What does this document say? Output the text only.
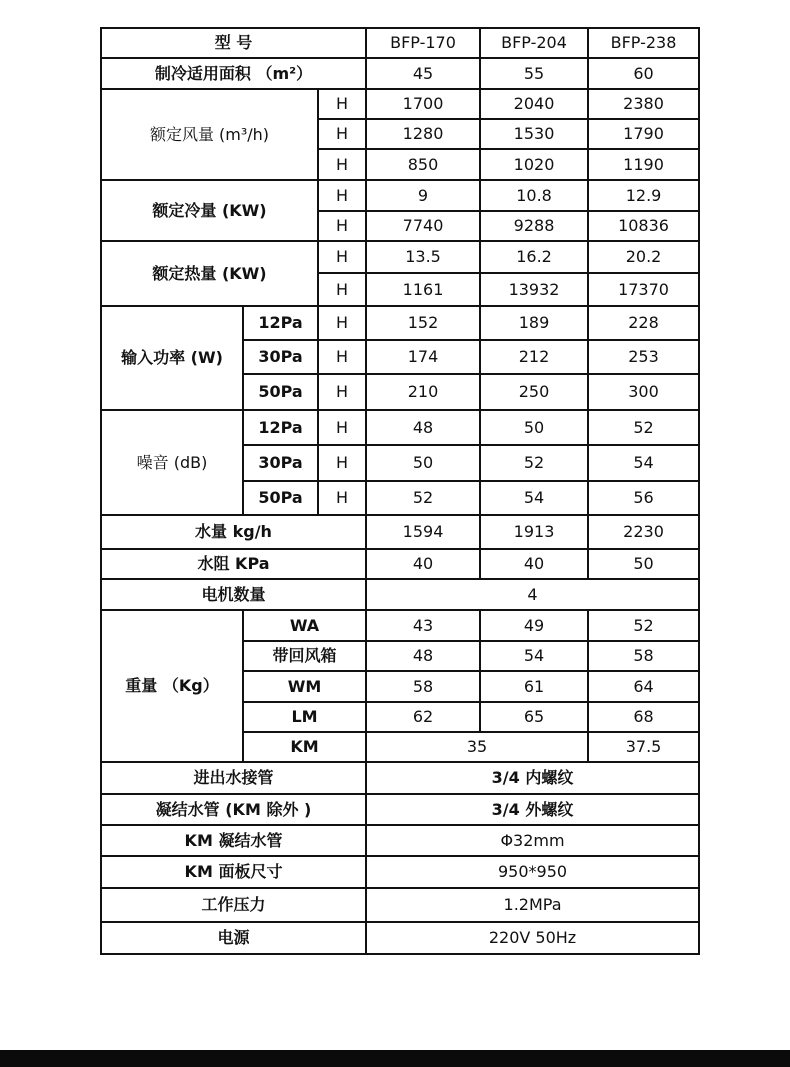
型 号			BFP-170	BFP-204	BFP-238
制冷适用面积 （m²）			45	55	60
额定风量 (m³/h)		H	1700	2040	2380
		H	1280	1530	1790
		H	850	1020	1190
额定冷量 (KW)		H	9	10.8	12.9
		H	7740	9288	10836
额定热量 (KW)		H	13.5	16.2	20.2
		H	1161	13932	17370
输入功率 (W)	12Pa	H	152	189	228
	30Pa	H	174	212	253
	50Pa	H	210	250	300
噪音 (dB)	12Pa	H	48	50	52
	30Pa	H	50	52	54
	50Pa	H	52	54	56
水量 kg/h			1594	1913	2230
水阻 KPa			40	40	50
电机数量			4		
重量 （Kg）	WA		43	49	52
	带回风箱		48	54	58
	WM		58	61	64
	LM		62	65	68
	KM		35		37.5
进出水接管			3/4 内螺纹		
凝结水管 (KM 除外 )			3/4 外螺纹		
KM 凝结水管			Φ32mm		
KM 面板尺寸			950*950		
工作压力			1.2MPa		
电源			220V 50Hz		
